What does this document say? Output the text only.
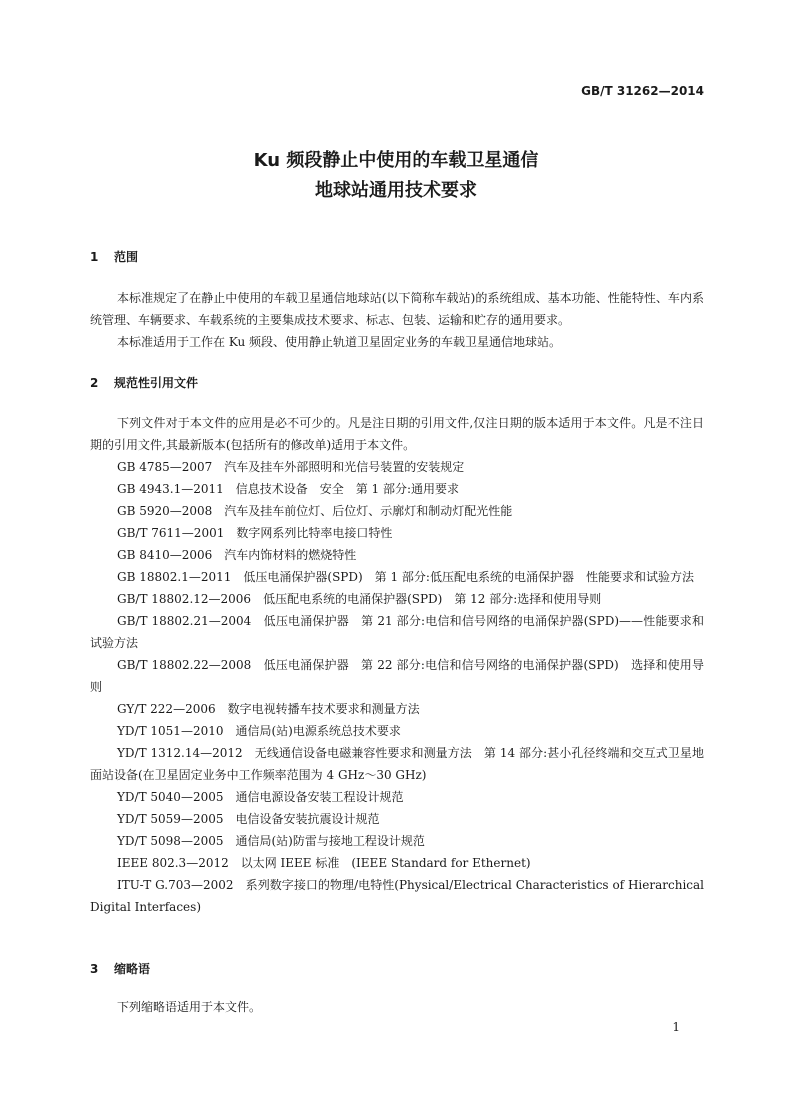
GB/T 31262—2014
Ku 频段静止中使用的车载卫星通信
地球站通用技术要求
1 范围

本标准规定了在静止中使用的车载卫星通信地球站(以下简称车载站)的系统组成、基本功能、性能特性、车内系统管理、车辆要求、车载系统的主要集成技术要求、标志、包装、运输和贮存的通用要求。

本标准适用于工作在 Ku 频段、使用静止轨道卫星固定业务的车载卫星通信地球站。

2 规范性引用文件

下列文件对于本文件的应用是必不可少的。凡是注日期的引用文件,仅注日期的版本适用于本文件。凡是不注日期的引用文件,其最新版本(包括所有的修改单)适用于本文件。

GB 4785—2007　汽车及挂车外部照明和光信号装置的安装规定

GB 4943.1—2011　信息技术设备　安全　第 1 部分:通用要求

GB 5920—2008　汽车及挂车前位灯、后位灯、示廓灯和制动灯配光性能

GB/T 7611—2001　数字网系列比特率电接口特性

GB 8410—2006　汽车内饰材料的燃烧特性

GB 18802.1—2011　低压电涌保护器(SPD)　第 1 部分:低压配电系统的电涌保护器　性能要求和试验方法

GB/T 18802.12—2006　低压配电系统的电涌保护器(SPD)　第 12 部分:选择和使用导则

GB/T 18802.21—2004　低压电涌保护器　第 21 部分:电信和信号网络的电涌保护器(SPD)——性能要求和试验方法

GB/T 18802.22—2008　低压电涌保护器　第 22 部分:电信和信号网络的电涌保护器(SPD)　选择和使用导则

GY/T 222—2006　数字电视转播车技术要求和测量方法

YD/T 1051—2010　通信局(站)电源系统总技术要求

YD/T 1312.14—2012　无线通信设备电磁兼容性要求和测量方法　第 14 部分:甚小孔径终端和交互式卫星地面站设备(在卫星固定业务中工作频率范围为 4 GHz～30 GHz)

YD/T 5040—2005　通信电源设备安装工程设计规范

YD/T 5059—2005　电信设备安装抗震设计规范

YD/T 5098—2005　通信局(站)防雷与接地工程设计规范

IEEE 802.3—2012　以太网 IEEE 标准　(IEEE Standard for Ethernet)

ITU-T G.703—2002　系列数字接口的物理/电特性(Physical/Electrical Characteristics of Hierarchical Digital Interfaces)

3 缩略语

下列缩略语适用于本文件。

1
